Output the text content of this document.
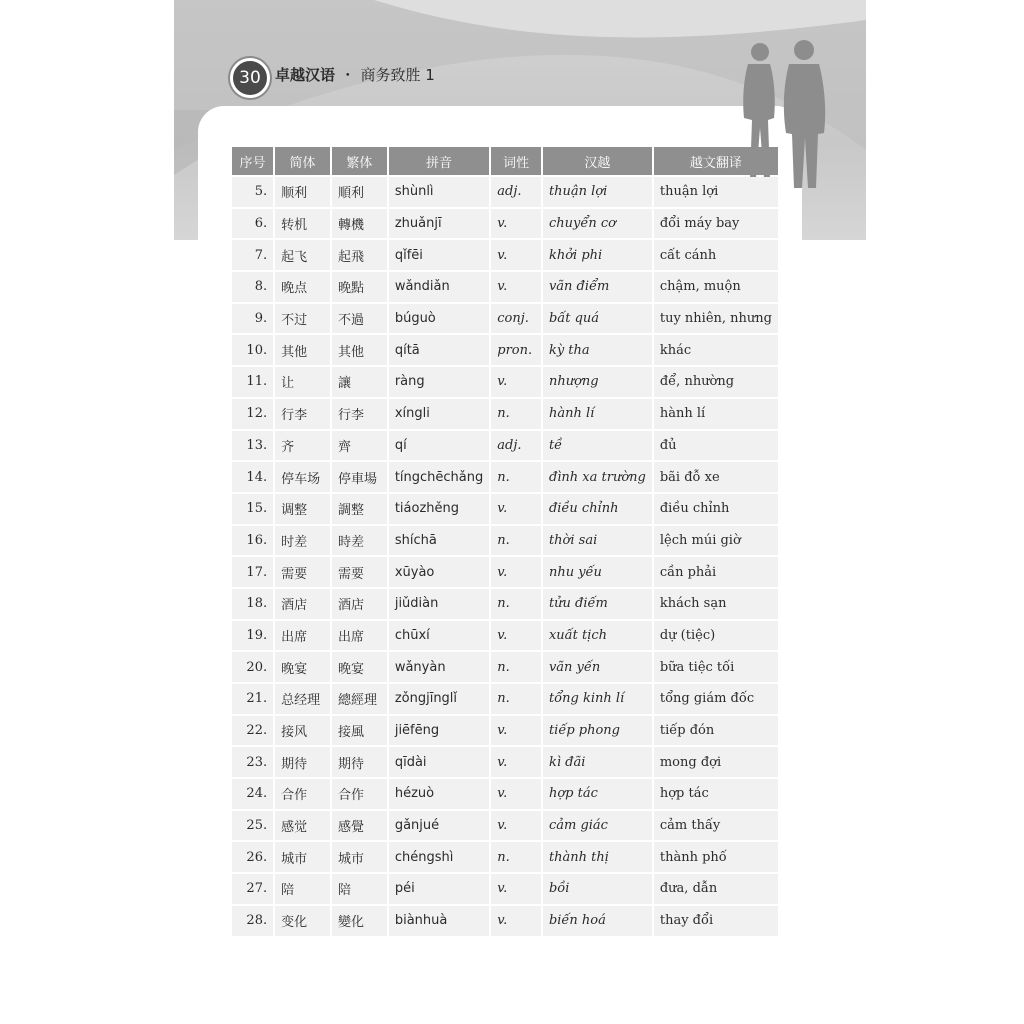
30 卓越汉语 ・ 商务致胜 1
序号	简体	繁体	拼音	词性	汉越	越文翻译
5.	顺利	順利	shùnlì	adj.	thuận lợi	thuận lợi
6.	转机	轉機	zhuǎnjī	v.	chuyển cơ	đổi máy bay
7.	起飞	起飛	qǐfēi	v.	khởi phi	cất cánh
8.	晚点	晚點	wǎndiǎn	v.	vãn điểm	chậm, muộn
9.	不过	不過	búguò	conj.	bất quá	tuy nhiên, nhưng
10.	其他	其他	qítā	pron.	kỳ tha	khác
11.	让	讓	ràng	v.	nhượng	để, nhường
12.	行李	行李	xíngli	n.	hành lí	hành lí
13.	齐	齊	qí	adj.	tề	đủ
14.	停车场	停車場	tíngchēchǎng	n.	đình xa trường	bãi đỗ xe
15.	调整	調整	tiáozhěng	v.	điều chỉnh	điều chỉnh
16.	时差	時差	shíchā	n.	thời sai	lệch múi giờ
17.	需要	需要	xūyào	v.	nhu yếu	cần phải
18.	酒店	酒店	jiǔdiàn	n.	tửu điếm	khách sạn
19.	出席	出席	chūxí	v.	xuất tịch	dự (tiệc)
20.	晚宴	晚宴	wǎnyàn	n.	vãn yến	bữa tiệc tối
21.	总经理	總經理	zǒngjīnglǐ	n.	tổng kinh lí	tổng giám đốc
22.	接风	接風	jiēfēng	v.	tiếp phong	tiếp đón
23.	期待	期待	qīdài	v.	kì đãi	mong đợi
24.	合作	合作	hézuò	v.	hợp tác	hợp tác
25.	感觉	感覺	gǎnjué	v.	cảm giác	cảm thấy
26.	城市	城市	chéngshì	n.	thành thị	thành phố
27.	陪	陪	péi	v.	bồi	đưa, dẫn
28.	变化	變化	biànhuà	v.	biến hoá	thay đổi
